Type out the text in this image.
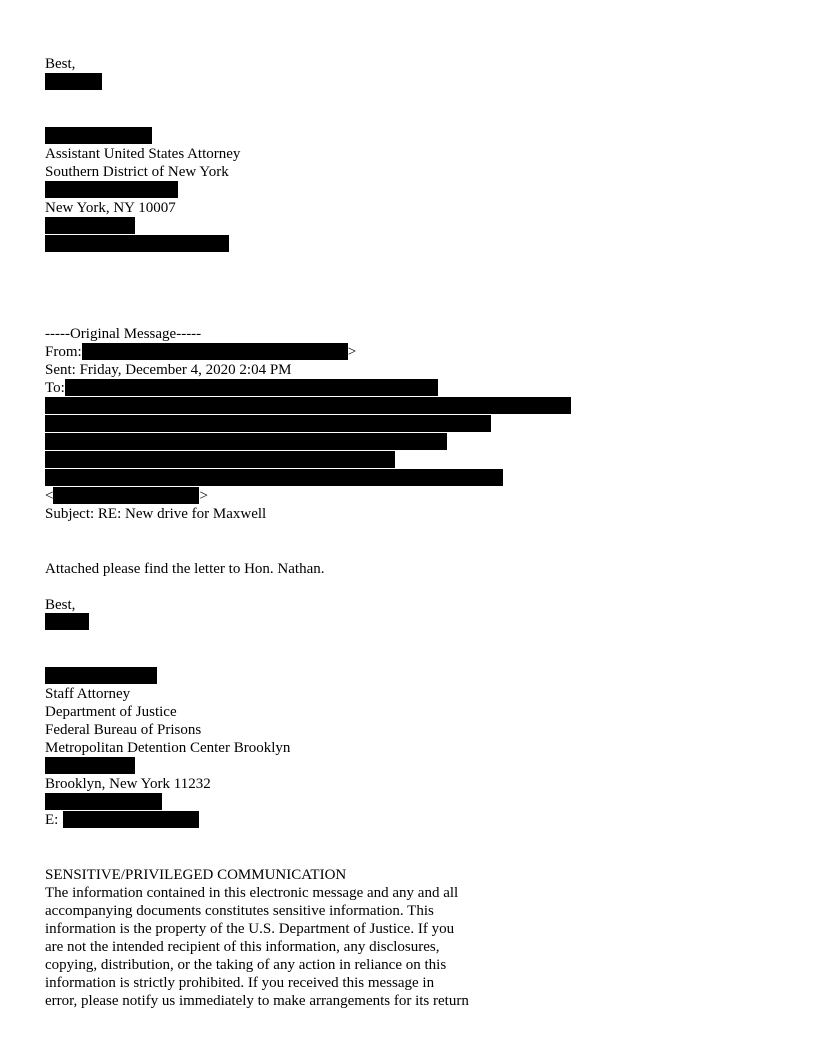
Best,
Assistant United States Attorney
Southern District of New York
New York, NY 10007
-----Original Message-----
From:	>
Sent: Friday, December 4, 2020 2:04 PM
To:
<	>
Subject: RE: New drive for Maxwell
Attached please find the letter to Hon. Nathan.
Best,
Staff Attorney
Department of Justice
Federal Bureau of Prisons
Metropolitan Detention Center Brooklyn
Brooklyn, New York 11232
E:
SENSITIVE/PRIVILEGED COMMUNICATION
The information contained in this electronic message and any and all
accompanying documents constitutes sensitive information. This
information is the property of the U.S. Department of Justice. If you
are not the intended recipient of this information, any disclosures,
copying, distribution, or the taking of any action in reliance on this
information is strictly prohibited. If you received this message in
error, please notify us immediately to make arrangements for its return
